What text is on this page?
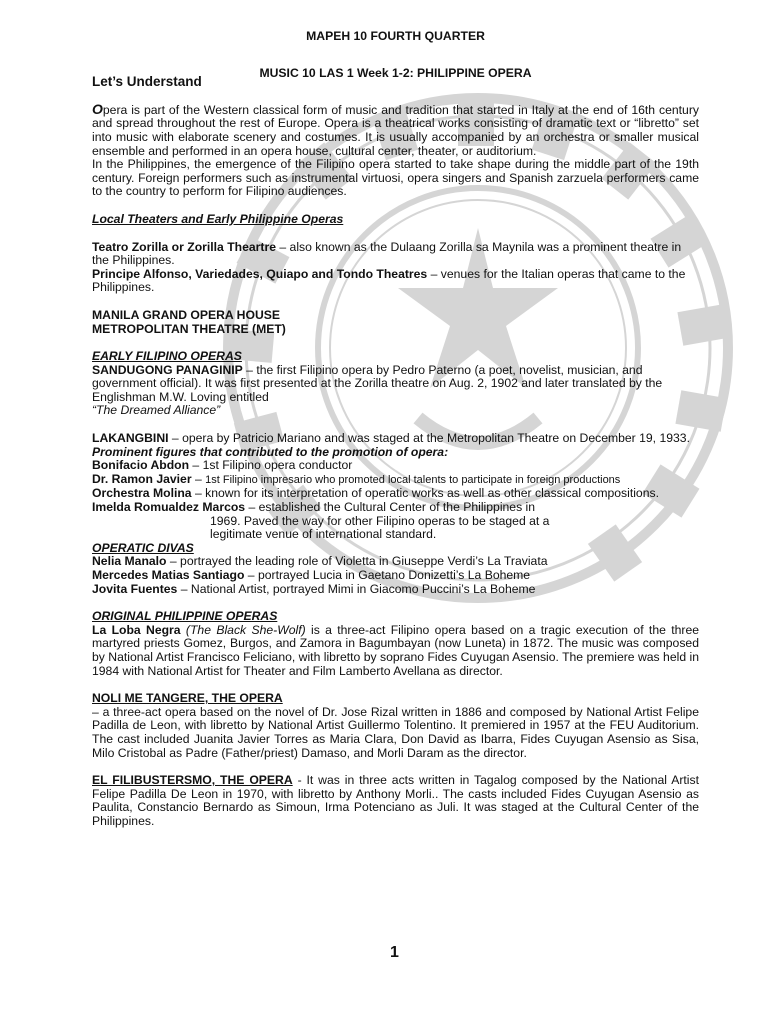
MAPEH 10 FOURTH QUARTER

MUSIC 10 LAS 1 Week 1-2: PHILIPPINE OPERA

Let’s Understand

Opera is part of the Western classical form of music and tradition that started in Italy at the end of 16th century and spread throughout the rest of Europe. Opera is a theatrical works consisting of dramatic text or “libretto” set into music with elaborate scenery and costumes. It is usually accompanied by an orchestra or smaller musical ensemble and performed in an opera house, cultural center, theater, or auditorium.

In the Philippines, the emergence of the Filipino opera started to take shape during the middle part of the 19th century. Foreign performers such as instrumental virtuosi, opera singers and Spanish zarzuela performers came to the country to perform for Filipino audiences.

Local Theaters and Early Philippine Operas

Teatro Zorilla or Zorilla Theartre – also known as the Dulaang Zorilla sa Maynila was a prominent theatre in the Philippines.

Principe Alfonso, Variedades, Quiapo and Tondo Theatres – venues for the Italian operas that came to the Philippines.

MANILA GRAND OPERA HOUSE

METROPOLITAN THEATRE (MET)

EARLY FILIPINO OPERAS

SANDUGONG PANAGINIP – the first Filipino opera by Pedro Paterno (a poet, novelist, musician, and government official). It was first presented at the Zorilla theatre on Aug. 2, 1902 and later translated by the Englishman M.W. Loving entitled

“The Dreamed Alliance”

LAKANGBINI – opera by Patricio Mariano and was staged at the Metropolitan Theatre on December 19, 1933.

Prominent figures that contributed to the promotion of opera:

Bonifacio Abdon – 1st Filipino opera conductor

Dr. Ramon Javier – 1st Filipino impresario who promoted local talents to participate in foreign productions

Orchestra Molina – known for its interpretation of operatic works as well as other classical compositions.

Imelda Romualdez Marcos – established the Cultural Center of the Philippines in

1969. Paved the way for other Filipino operas to be staged at a

legitimate venue of international standard.

OPERATIC DIVAS

Nelia Manalo – portrayed the leading role of Violetta in Giuseppe Verdi’s La Traviata

Mercedes Matias Santiago – portrayed Lucia in Gaetano Donizetti’s La Boheme

Jovita Fuentes – National Artist, portrayed Mimi in Giacomo Puccini’s La Boheme

ORIGINAL PHILIPPINE OPERAS

La Loba Negra (The Black She-Wolf) is a three-act Filipino opera based on a tragic execution of the three martyred priests Gomez, Burgos, and Zamora in Bagumbayan (now Luneta) in 1872. The music was composed by National Artist Francisco Feliciano, with libretto by soprano Fides Cuyugan Asensio. The premiere was held in 1984 with National Artist for Theater and Film Lamberto Avellana as director.

NOLI ME TANGERE, THE OPERA

– a three-act opera based on the novel of Dr. Jose Rizal written in 1886 and composed by National Artist Felipe Padilla de Leon, with libretto by National Artist Guillermo Tolentino. It premiered in 1957 at the FEU Auditorium. The cast included Juanita Javier Torres as Maria Clara, Don David as Ibarra, Fides Cuyugan Asensio as Sisa, Milo Cristobal as Padre (Father/priest) Damaso, and Morli Daram as the director.

EL FILIBUSTERSMO, THE OPERA - It was in three acts written in Tagalog composed by the National Artist Felipe Padilla De Leon in 1970, with libretto by Anthony Morli.. The casts included Fides Cuyugan Asensio as Paulita, Constancio Bernardo as Simoun, Irma Potenciano as Juli. It was staged at the Cultural Center of the Philippines.

1
